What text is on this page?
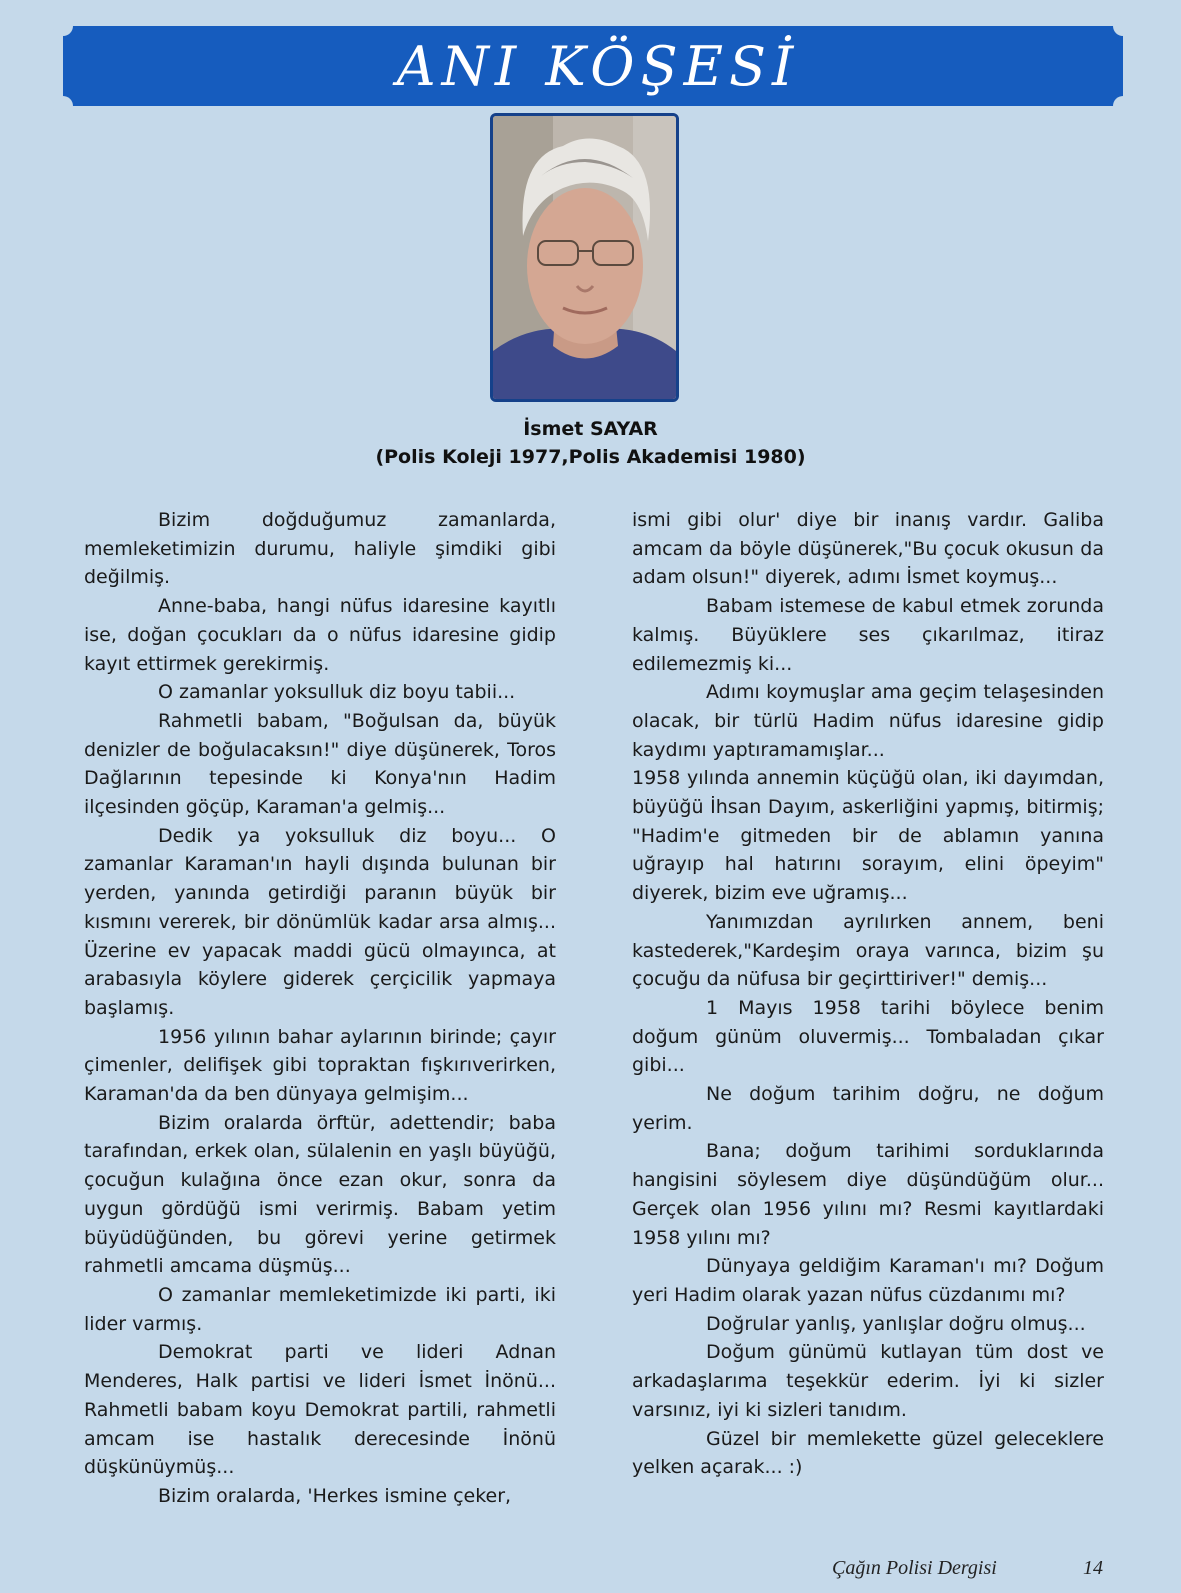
ANI KÖŞESİ
İsmet SAYAR
(Polis Koleji 1977,Polis Akademisi 1980)

Bizim doğduğumuz zamanlarda, memleketimizin durumu, haliyle şimdiki gibi değilmiş.

Anne-baba, hangi nüfus idaresine kayıtlı ise, doğan çocukları da o nüfus idaresine gidip kayıt ettirmek gerekirmiş.

O zamanlar yoksulluk diz boyu tabii...

Rahmetli babam, "Boğulsan da, büyük denizler de boğulacaksın!" diye düşünerek, Toros Dağlarının tepesinde ki Konya'nın Hadim ilçesinden göçüp, Karaman'a gelmiş...

Dedik ya yoksulluk diz boyu... O zamanlar Karaman'ın hayli dışında bulunan bir yerden, yanında getirdiği paranın büyük bir kısmını vererek, bir dönümlük kadar arsa almış... Üzerine ev yapacak maddi gücü olmayınca, at arabasıyla köylere giderek çerçicilik yapmaya başlamış.

1956 yılının bahar aylarının birinde; çayır çimenler, delifişek gibi topraktan fışkırıverirken, Karaman'da da ben dünyaya gelmişim...

Bizim oralarda örftür, adettendir; baba tarafından, erkek olan, sülalenin en yaşlı büyüğü, çocuğun kulağına önce ezan okur, sonra da uygun gördüğü ismi verirmiş. Babam yetim büyüdüğünden, bu görevi yerine getirmek rahmetli amcama düşmüş...

O zamanlar memleketimizde iki parti, iki lider varmış.

Demokrat parti ve lideri Adnan Menderes, Halk partisi ve lideri İsmet İnönü... Rahmetli babam koyu Demokrat partili, rahmetli amcam ise hastalık derecesinde İnönü düşkünüymüş...

Bizim oralarda, 'Herkes ismine çeker,

ismi gibi olur' diye bir inanış vardır. Galiba amcam da böyle düşünerek,"Bu çocuk okusun da adam olsun!" diyerek, adımı İsmet koymuş...

Babam istemese de kabul etmek zorunda kalmış. Büyüklere ses çıkarılmaz, itiraz edilemezmiş ki...

Adımı koymuşlar ama geçim telaşesinden olacak, bir türlü Hadim nüfus idaresine gidip kaydımı yaptıramamışlar...

1958 yılında annemin küçüğü olan, iki dayımdan, büyüğü İhsan Dayım, askerliğini yapmış, bitirmiş; "Hadim'e gitmeden bir de ablamın yanına uğrayıp hal hatırını sorayım, elini öpeyim" diyerek, bizim eve uğramış...

Yanımızdan ayrılırken annem, beni kastederek,"Kardeşim oraya varınca, bizim şu çocuğu da nüfusa bir geçirttiriver!" demiş...

1 Mayıs 1958 tarihi böylece benim doğum günüm oluvermiş... Tombaladan çıkar gibi...

Ne doğum tarihim doğru, ne doğum yerim.

Bana; doğum tarihimi sorduklarında hangisini söylesem diye düşündüğüm olur... Gerçek olan 1956 yılını mı? Resmi kayıtlardaki 1958 yılını mı?

Dünyaya geldiğim Karaman'ı mı? Doğum yeri Hadim olarak yazan nüfus cüzdanımı mı?

Doğrular yanlış, yanlışlar doğru olmuş...

Doğum günümü kutlayan tüm dost ve arkadaşlarıma teşekkür ederim. İyi ki sizler varsınız, iyi ki sizleri tanıdım.

Güzel bir memlekette güzel geleceklere yelken açarak... :)

Çağın Polisi Dergisi	14
